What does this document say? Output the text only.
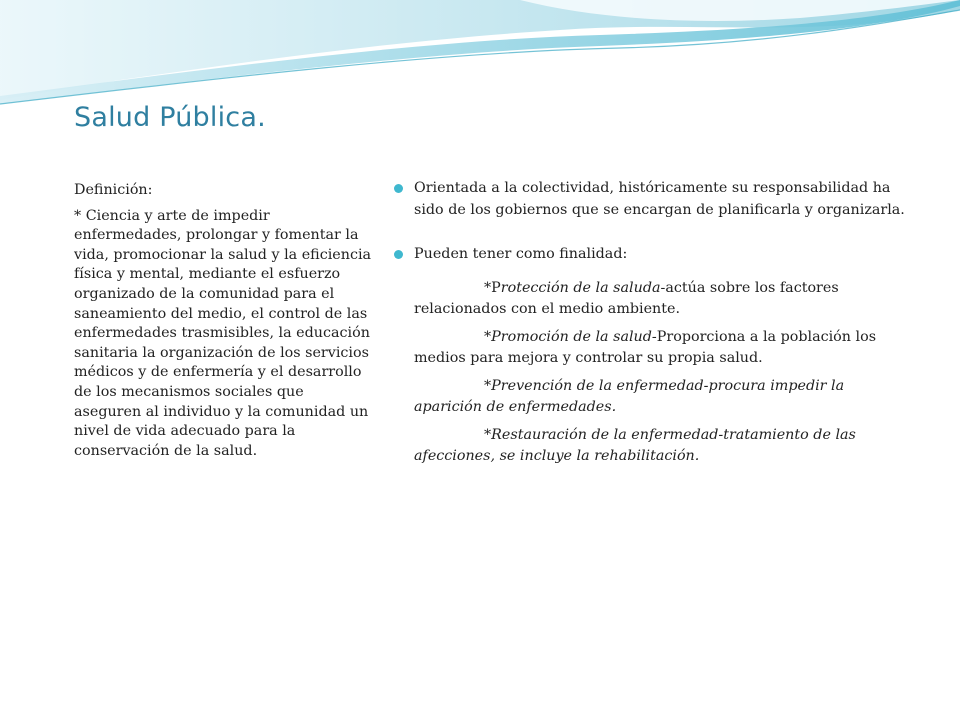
Salud Pública.

Definición:

* Ciencia y arte de impedir enfermedades, prolongar y fomentar la vida, promocionar la salud y la eficiencia física y mental, mediante el esfuerzo organizado de la comunidad para el saneamiento del medio, el control de las enfermedades trasmisibles, la educación sanitaria la organización de los servicios médicos y de enfermería y el desarrollo de los mecanismos sociales que aseguren al individuo y la comunidad un nivel de vida adecuado para la conservación de la salud.

Orientada a la colectividad, históricamente su responsabilidad ha sido de los gobiernos que se encargan de planificarla y organizarla.

Pueden tener como finalidad:

*Protección de la saluda-actúa sobre los factores relacionados con el medio ambiente.

*Promoción de la salud-Proporciona a la población los medios para mejora y controlar su propia salud.

*Prevención de la enfermedad-procura impedir la aparición de enfermedades.

*Restauración de la enfermedad-tratamiento de las afecciones, se incluye la rehabilitación.
